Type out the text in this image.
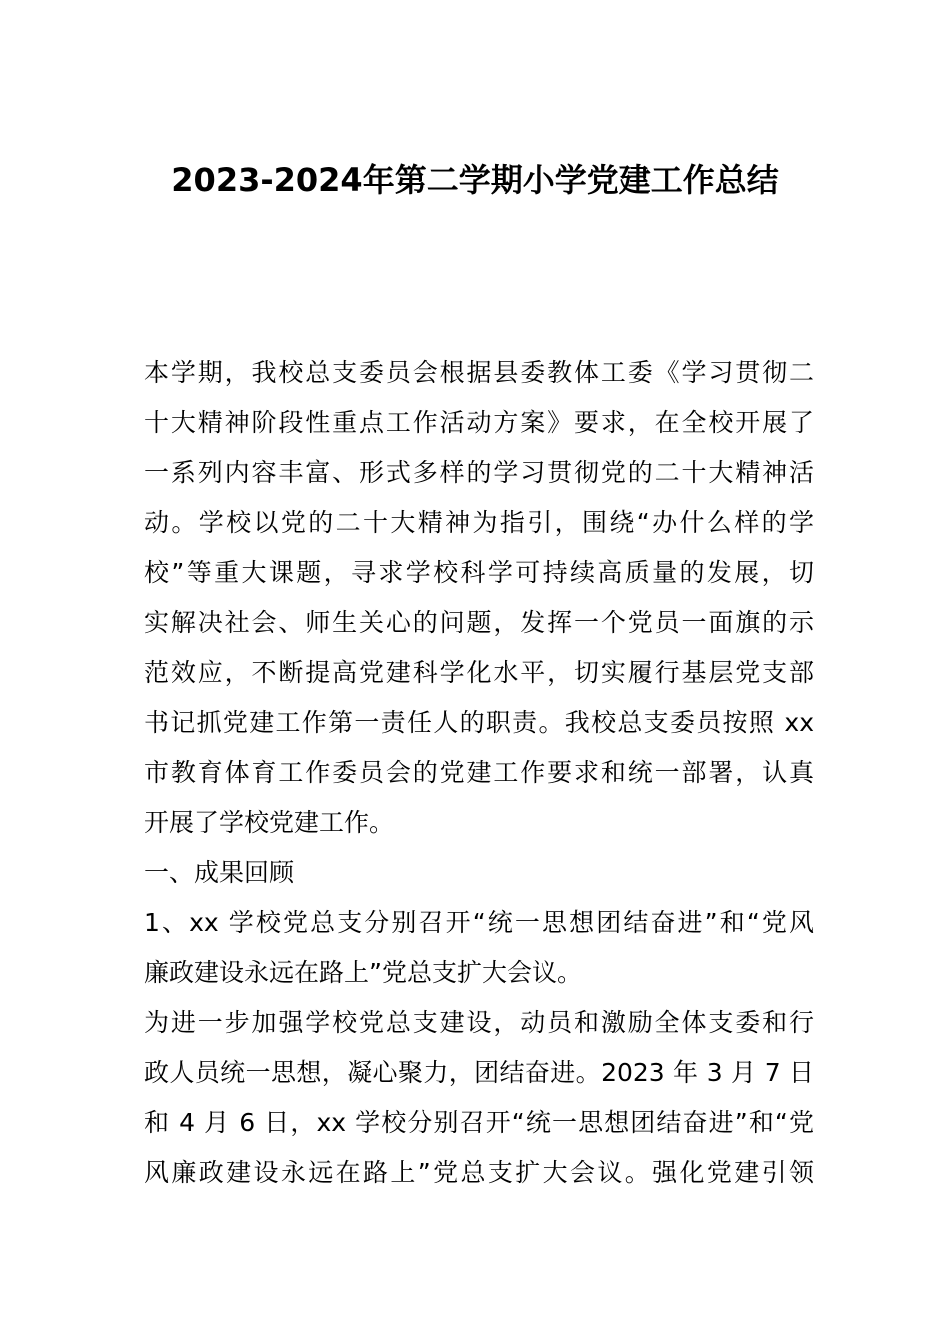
2023-2024年第二学期小学党建工作总结
本学期，我校总支委员会根据县委教体工委《学习贯彻二
十大精神阶段性重点工作活动方案》要求，在全校开展了
一系列内容丰富、形式多样的学习贯彻党的二十大精神活
动。学校以党的二十大精神为指引，围绕“办什么样的学
校”等重大课题，寻求学校科学可持续高质量的发展，切
实解决社会、师生关心的问题，发挥一个党员一面旗的示
范效应，不断提高党建科学化水平，切实履行基层党支部
书记抓党建工作第一责任人的职责。我校总支委员按照 xx
市教育体育工作委员会的党建工作要求和统一部署，认真
开展了学校党建工作。
一、成果回顾
1、xx 学校党总支分别召开“统一思想团结奋进”和“党风
廉政建设永远在路上”党总支扩大会议。
为进一步加强学校党总支建设，动员和激励全体支委和行
政人员统一思想，凝心聚力，团结奋进。2023 年 3 月 7 日
和 4 月 6 日，xx 学校分别召开“统一思想团结奋进”和“党
风廉政建设永远在路上”党总支扩大会议。强化党建引领
